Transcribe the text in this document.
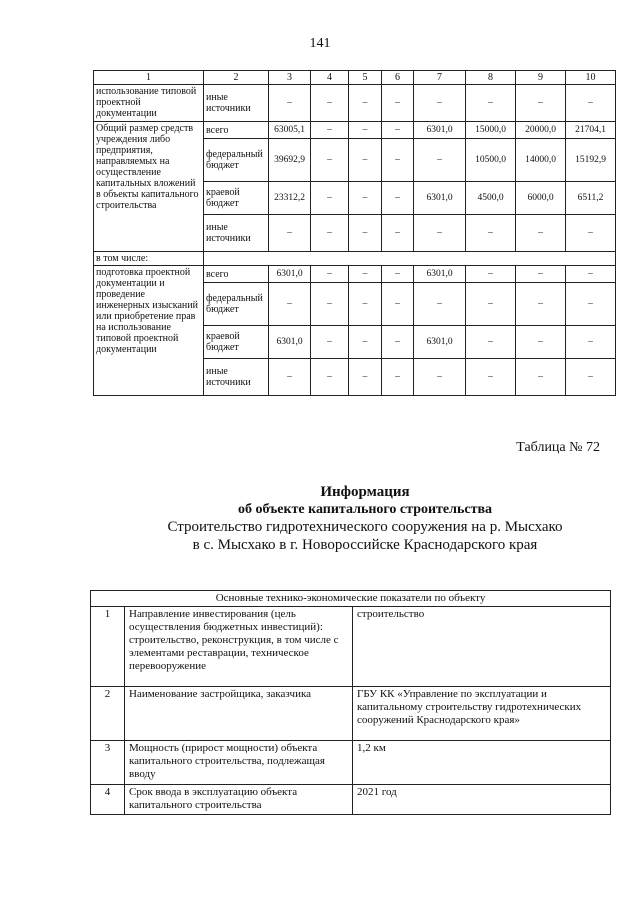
141
1	2	3	4	5	6	7	8	9	10
использование типовой проектной документации	иные источники	–	–	–	–	–	–	–	–
Общий размер средств учреждения либо предприятия, направляемых на осуществление капитальных вложений в объекты капитального строительства	всего	63005,1	–	–	–	6301,0	15000,0	20000,0	21704,1
	федеральный бюджет	39692,9	–	–	–	–	10500,0	14000,0	15192,9
	краевой бюджет	23312,2	–	–	–	6301,0	4500,0	6000,0	6511,2
	иные источники	–	–	–	–	–	–	–	–
в том числе:									
подготовка проектной документации и проведение инженерных изысканий или приобретение прав на использование типовой проектной документации	всего	6301,0	–	–	–	6301,0	–	–	–
	федеральный бюджет	–	–	–	–	–	–	–	–
	краевой бюджет	6301,0	–	–	–	6301,0	–	–	–
	иные источники	–	–	–	–	–	–	–	–
Таблица № 72
Информация
об объекте капитального строительства
Строительство гидротехнического сооружения на р. Мысхако
в с. Мысхако в г. Новороссийске Краснодарского края
Основные технико-экономические показатели по объекту		
1	Направление инвестирования (цель осуществления бюджетных инвестиций): строительство, реконструкция, в том числе с элементами реставрации, техническое перевооружение	строительство
2	Наименование застройщика, заказчика	ГБУ КК «Управление по эксплуатации и капитальному строительству гидротехнических сооружений Краснодарского края»
3	Мощность (прирост мощности) объекта капитального строительства, подлежащая вводу	1,2 км
4	Срок ввода в эксплуатацию объекта капитального строительства	2021 год
